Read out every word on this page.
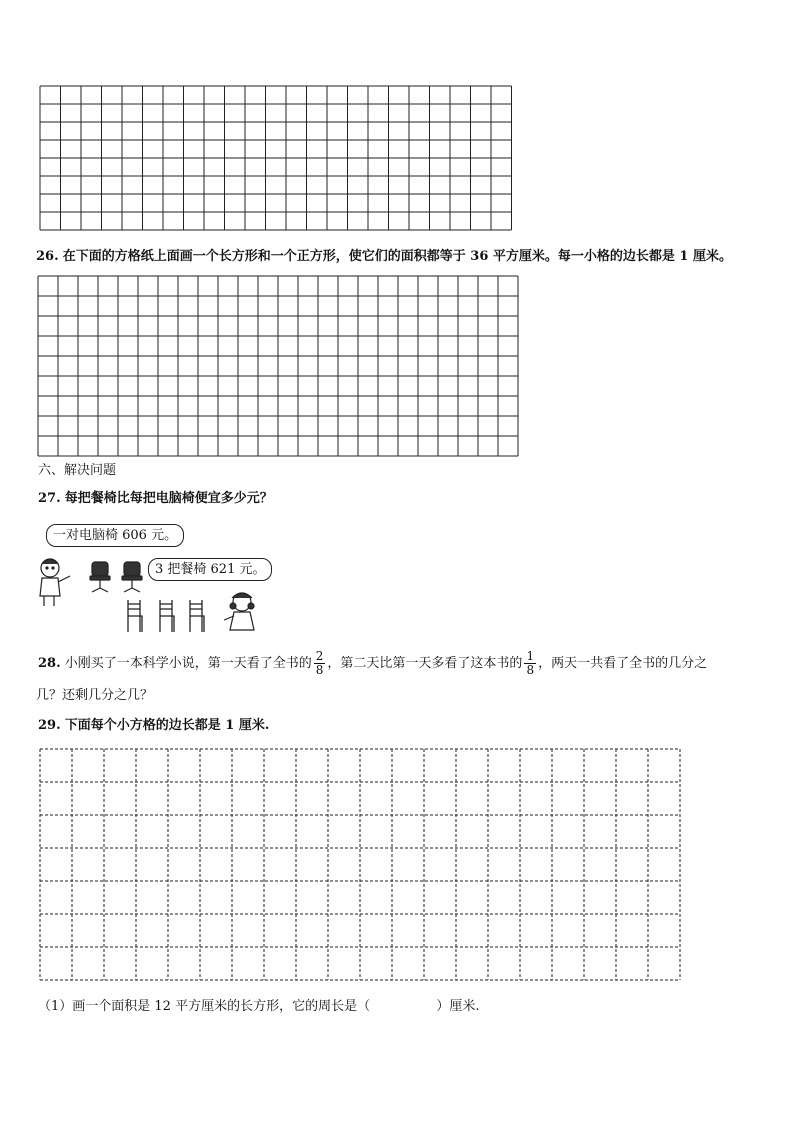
26. 在下面的方格纸上面画一个长方形和一个正方形，使它们的面积都等于 36 平方厘米。每一小格的边长都是 1 厘米。
六、解决问题
27. 每把餐椅比每把电脑椅便宜多少元？
一对电脑椅 606 元。
3 把餐椅 621 元。
28. 小刚买了一本科学小说，第一天看了全书的 $\frac{2}{8}$ ，第二天比第一天多看了这本书的 $\frac{1}{8}$ ，两天一共看了全书的几分之
几？还剩几分之几？
29. 下面每个小方格的边长都是 1 厘米.
（1）画一个面积是 12 平方厘米的长方形，它的周长是（	）厘米.
